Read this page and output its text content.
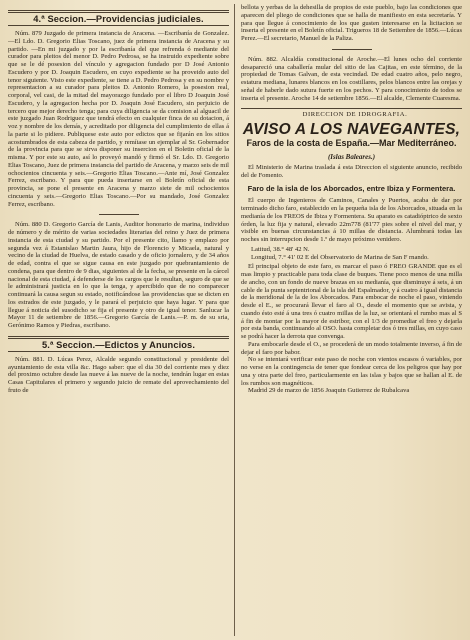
4.ª Seccion.—Providencias judiciales.

Núm. 879 Juzgado de primera instancia de Aracena. —Escribanía de Gonzalez.—El Ldo. D. Gregorio Elias Toscano, juez de primera instancia de Aracena y su partido. —En mi juzgado y por la escribanía del que refrenda ó mediante del curador para pleitos del menor D. Pedro Pedrosa, se ha instruido expediente sobre que se le dé posesion del vínculo y agregacion fundado por D José Antonio Escudero y por D. Joaquin Escudero, en cuyo expediente se ha proveido auto del tenor siguiente. Visto este expediente, se tiene a D. Pedro Pedrosa y en su nombre y representacion a su curador para pleitos D. Antonio Romero, la posesion real, corporal, vel casi, de la mitad del mayorazgo fundado por el libro D Joaquin José Escudero, y la agregacion hecha por D. Joaquin José Escudero, sin perjuicio de tercero que mejor derecho tenga; para cuya diligencia se da comision al alguacil de este juzgado Juan Rodriguez que tendrá efecto en cualquier finca de su dotacion, á voz y nombre de los demás, y acreditado por diligencia del cumplimiento de ellas á la parte si lo pidiere. Publiquese este auto por edictos que se fijarán en los sitios acostumbrados de esta cabeza de partido, y remítase un ejemplar al Sr. Gobernador de la provincia para que se sirva disponer su insercion en el Boletin oficial de la misma. Y por este su auto, así lo proveyó mandó y firmó el Sr. Ldo. D. Gregorio Elias Toscano, Juez de primera instancia del partido de Aracena, y marzo seis de mil ochocientos cincuenta y seis.—Gregorio Elias Toscano.—Ante mí, José Gonzalez Ferrez, escribano. Y para que pueda insertarse en el Boletín oficial de esta provincia, se pone el presente en Aracena y marzo siete de mil ochocientos cincuenta y seis.—Gregorio Elias Toscano.—Por su mandado, José Gonzalez Ferrez, escribano.

Núm. 880 D. Gregorio García de Lanis, Auditor honorario de marina, individuo de número y de mérito de varias sociedades literarias del reino y Juez de primera instancia de esta ciudad y su partido. Por el presente cito, llamo y emplazo por segunda vez á Estanislao Martin Jaura, hijo de Florencio y Micaela, natural y vecino de la ciudad de Huelva, de estado casado y de oficio jornalero, y de 34 años de edad, contra el que se sigue causa en este juzgado por quebrantamiento de condena, para que dentro de 9 dias, siguientes al de la fecha, se presente en la cárcel nacional de esta ciudad, á defenderse de los cargos que le resultan, seguro de que se le administrará justicia en lo que la tenga, y apercibido que de no comparecer continuará la causa segun su estado, notificándose las providencias que se dicten en los estrados de este juzgado, y le parará el perjuicio que haya lugar. Y para que llegue á noticia del susodicho se fija el presente y otro de igual tenor. Sanlucar la Mayor 11 de setiembre de 1856.—Gregorio García de Lanis.—P. m. de su sria, Gerónimo Ramos y Piedras, escribano.

5.ª Seccion.—Edictos y Anuncios.

Núm. 881. D. Lúcas Perez, Alcalde segundo constitucional y presidente del ayuntamiento de esta villa &c. Hago saber: que el dia 30 del corriente mes y diez del proximo octubre desde las nueve á las nueve de la noche, tendrán lugar en estas Casas Capitulares el primero y segundo juicio de remate del aprovechamiento del fruto de

bellota y yerbas de la dehesilla de propios de este pueblo, bajo las condiciones que aparecen del pliego de condiciones que se halla de manifiesto en esta secretaría. Y para que llegue á conocimiento de los que gusten interesarse en la licitacion se inserta el presente en el Boletín oficial. Trigueros 18 de Setiembre de 1856.—Lúcas Perez.—El secretario, Manuel de la Paliza.

Núm. 882. Alcaldía constitucional de Aroche.—El lunes ocho del corriente desapareció una caballería mular del sitio de las Cajitas, en este término, de la propiedad de Tomas Galvan, de esta vecindad. De edad cuatro años, pelo negro, estatura mediana, lunares blancos en los costillares, pelos blancos entre las orejas y señal de haberle dado sutura fuerte en los pechos. Y para conocimiento de todos se inserta el presente. Aroche 14 de setiembre 1856.—El alcalde, Clemente Cuaresma.

DIRECCION DE IDROGRAFIA.

AVISO A LOS NAVEGANTES,
Faros de la costa de España.—Mar Mediterráneo.
(Islas Baleares.)

El Ministerio de Marina traslada á esta Direccion el siguiente anuncio, recibido del de Fomento.

Faro de la isla de los Aborcados, entre Ibiza y Formentera.

El cuerpo de Ingenieros de Caminos, Canales y Puertos, acaba de dar por terminado dicho faro, establecido en la pequeña isla de los Aborcados, situada en la medianía de los FREOS de Ibiza y Formentera. Su aparato es catadióptrico de sexto órden, la luz fija y natural, elevado 22m778 (81'77 pies sobre el nivel del mar, y visible en buenas circunstancias á 10 millas de distancia. Alumbrará todas las noches sin interrupcion desde 1.º de mayo próximo venidero.

Latitud, 38.° 48' 42 N.
Longitud, 7.° 41' 02 E del Observatorio de Marina de San F rnando.

El principal objeto de este faro, es marcar el paso ó FREO GRANDE que es el mas limpio y practicable para toda clase de buques. Tiene poco menos de una milla de ancho, con un fondo de nueve brazas en su medianía, que disminuye á seis, á un cable de la punta septentrional de la isla del Espalmador, y á cuatro á igual distancia de la meridional de la de los Aborcados. Para embocar de noche el paso, viniendo desde el E., se procurará llevar el faro al O., desde el momento que se avista, y cuando ésto esté á una tres ó cuatro millas de la luz, se orientará el rumbo mas al S á fin de montar por la mayor de estribor, con el 1/3 de promediar el freo y dejarla por esta banda, continuando al OSO. hasta completar dos ó tres millas, en cuyo caso se podrá hacer la derrota que convenga.

Para embocarle desde el O., se procederá de un modo totalmente inverso, á fin de dejar el faro por babor.

No se intentará verificar este paso de noche con vientos escasos ó variables, por no verse en la contingencia de tener que fondear cerca de los peligros que hay por una y otra parte del freo, particularmente en las islas y bajos que se hallan al E. de los rumbos son magnéticos.

Madrid 29 de marzo de 1856 Joaquin Gutierrez de Rubalcava
